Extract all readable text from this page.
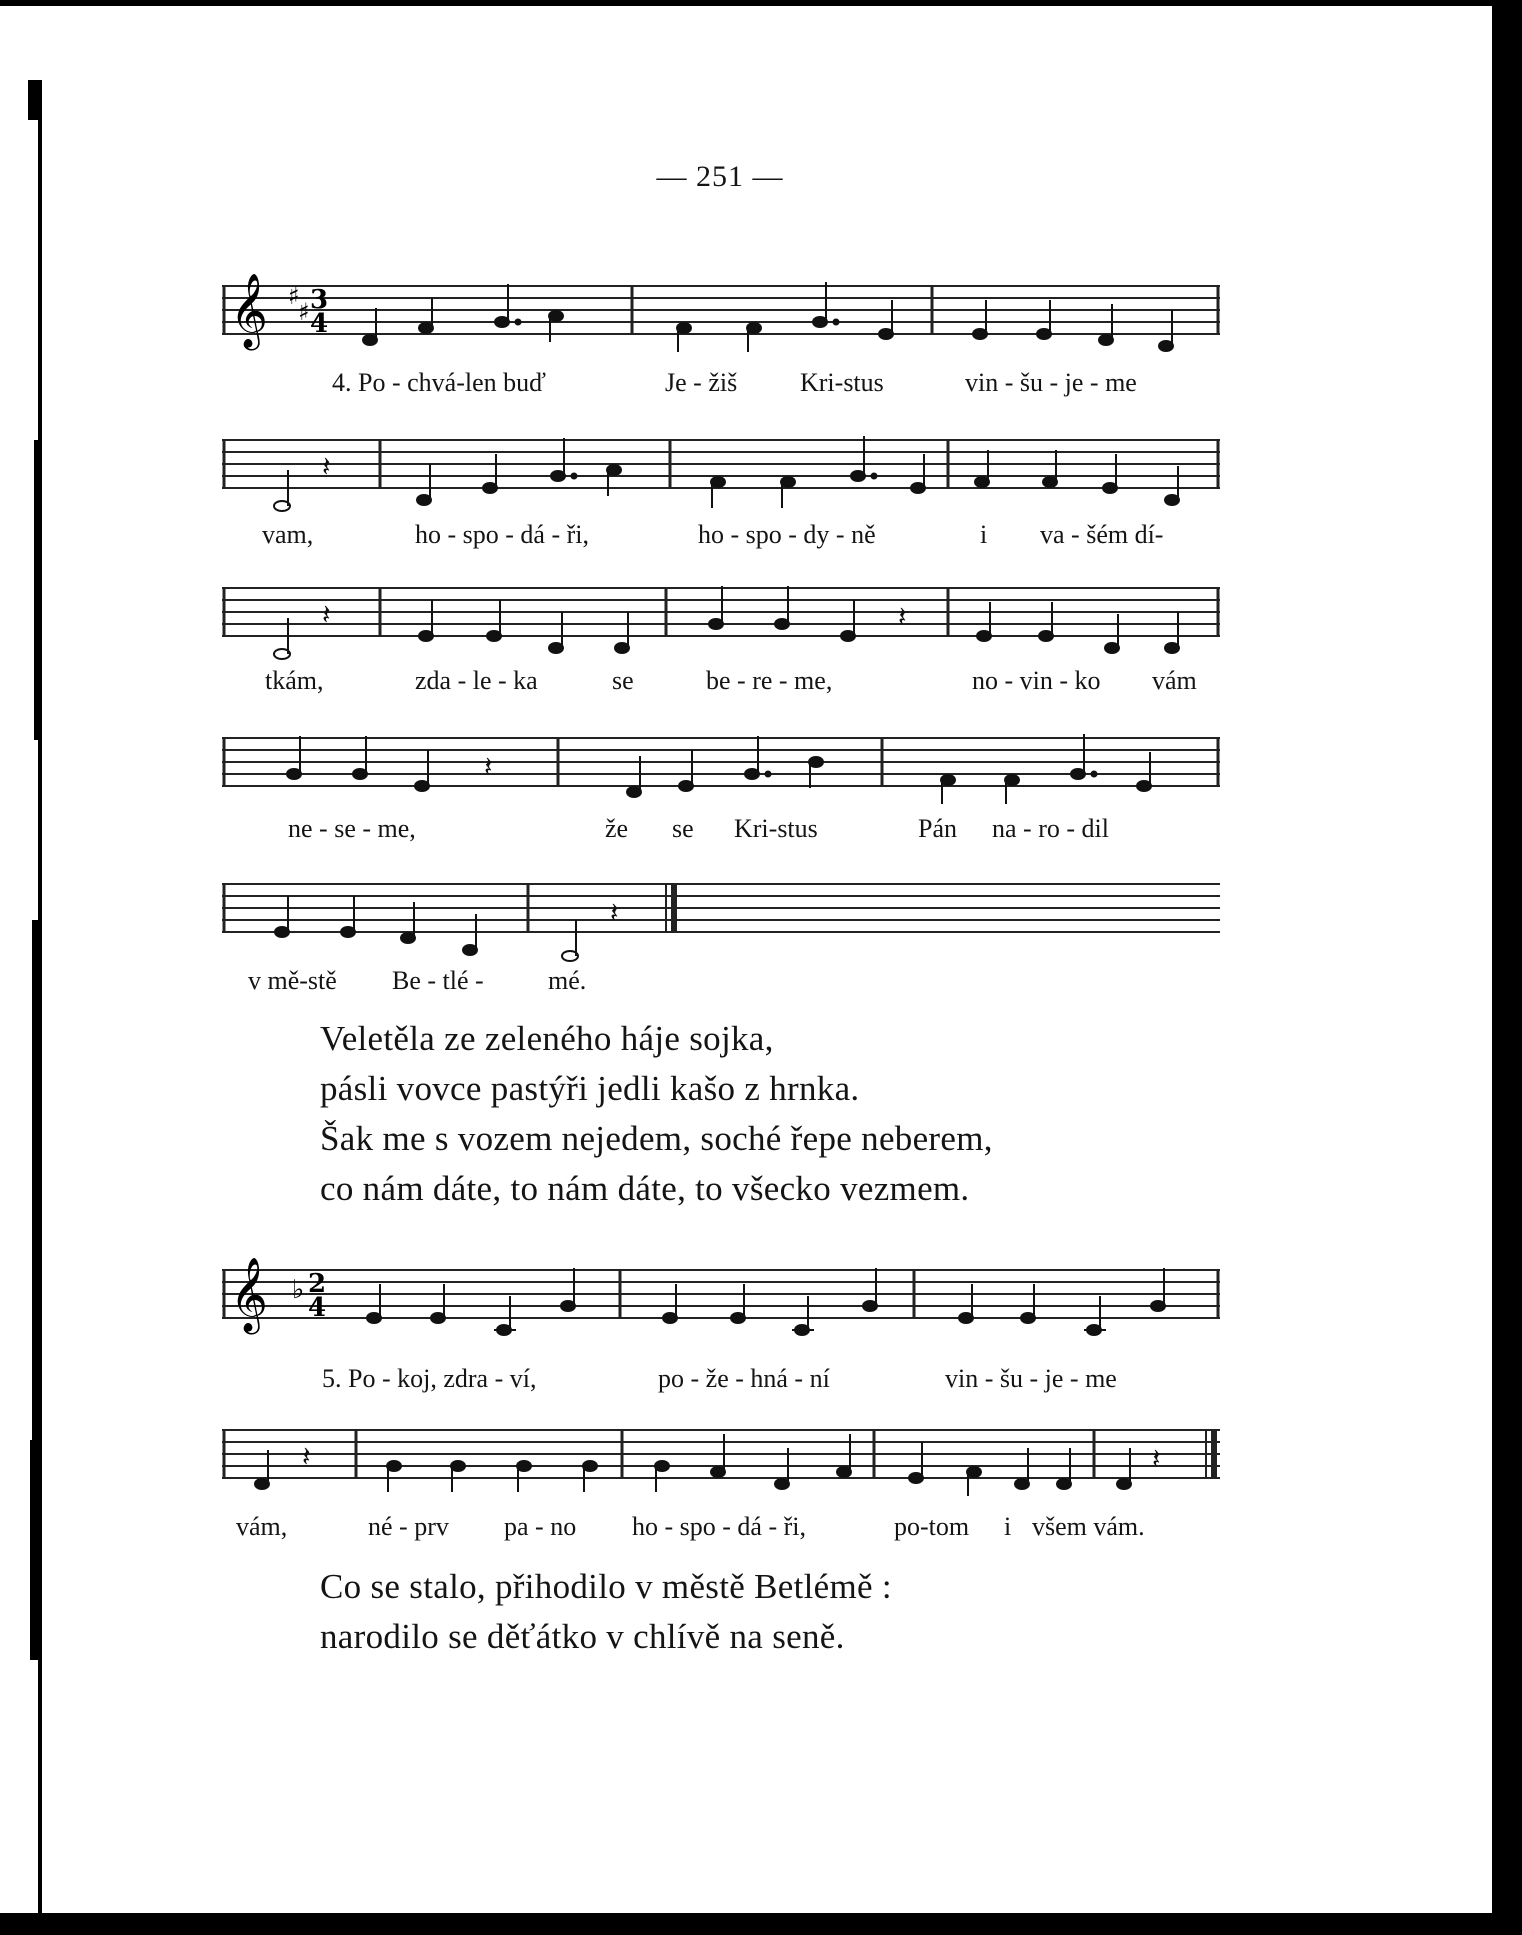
— 251 —
𝄞 ♯
♯ 3
4
4. Po - chvá-len buď	Je - žiš Kri-stus	vin - šu - je - me
𝄽
vam,	ho - spo - dá - ři,	ho - spo - dy - ně	i va - šém dí-
𝄽	𝄽
tkám,	zda - le - ka	se	be - re - me,	no - vin - ko vám
𝄽
ne - se - me,	že se Kri-stus	Pán na - ro - dil
𝄽
v mě-stě Be - tlé - mé.
Veletěla ze zeleného háje sojka,
pásli vovce pastýři jedli kašo z hrnka.
Šak me s vozem nejedem, soché řepe neberem,
co nám dáte, to nám dáte, to všecko vezmem.
𝄞 ♭ 2
4
5. Po - koj, zdra - ví,	po - že - hná - ní	vin - šu - je - me
𝄽	𝄽
vám,	né - prv pa - no ho - spo - dá - ři,	po-tom i všem vám.
Co se stalo, přihodilo v městě Betlémě :
narodilo se děťátko v chlívě na seně.
